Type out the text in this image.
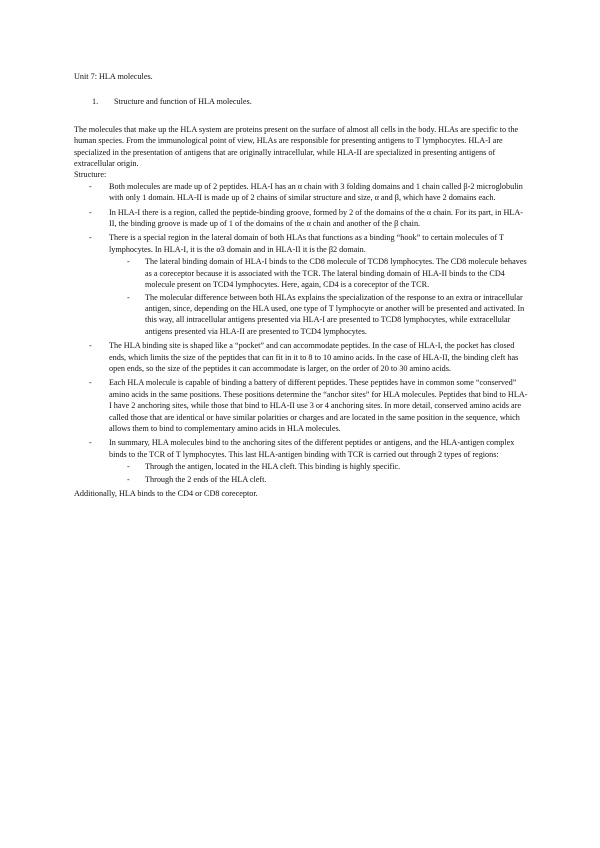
Unit 7: HLA molecules.

1.	Structure and function of HLA molecules.

The molecules that make up the HLA system are proteins present on the surface of almost all cells in the body. HLAs are specific to the human species. From the immunological point of view, HLAs are responsible for presenting antigens to T lymphocytes. HLA-I are specialized in the presentation of antigens that are originally intracellular, while HLA-II are specialized in presenting antigens of extracellular origin.

Structure:

- Both molecules are made up of 2 peptides. HLA-I has an α chain with 3 folding domains and 1 chain called β-2 microglobulin with only 1 domain. HLA-II is made up of 2 chains of similar structure and size, α and β, which have 2 domains each.
- In HLA-I there is a region, called the peptide-binding groove, formed by 2 of the domains of the α chain. For its part, in HLA-II, the binding groove is made up of 1 of the domains of the α chain and another of the β chain.
- There is a special region in the lateral domain of both HLAs that functions as a binding “hook” to certain molecules of T lymphocytes. In HLA-I, it is the α3 domain and in HLA-II it is the β2 domain.
- The lateral binding domain of HLA-I binds to the CD8 molecule of TCD8 lymphocytes. The CD8 molecule behaves as a coreceptor because it is associated with the TCR. The lateral binding domain of HLA-II binds to the CD4 molecule present on TCD4 lymphocytes. Here, again, CD4 is a coreceptor of the TCR.
- The molecular difference between both HLAs explains the specialization of the response to an extra or intracellular antigen, since, depending on the HLA used, one type of T lymphocyte or another will be presented and activated. In this way, all intracellular antigens presented via HLA-I are presented to TCD8 lymphocytes, while extracellular antigens presented via HLA-II are presented to TCD4 lymphocytes.
- The HLA binding site is shaped like a “pocket” and can accommodate peptides. In the case of HLA-I, the pocket has closed ends, which limits the size of the peptides that can fit in it to 8 to 10 amino acids. In the case of HLA-II, the binding cleft has open ends, so the size of the peptides it can accommodate is larger, on the order of 20 to 30 amino acids.
- Each HLA molecule is capable of binding a battery of different peptides. These peptides have in common some “conserved” amino acids in the same positions. These positions determine the “anchor sites” for HLA molecules. Peptides that bind to HLA-I have 2 anchoring sites, while those that bind to HLA-II use 3 or 4 anchoring sites. In more detail, conserved amino acids are called those that are identical or have similar polarities or charges and are located in the same position in the sequence, which allows them to bind to complementary amino acids in HLA molecules.
- In summary, HLA molecules bind to the anchoring sites of the different peptides or antigens, and the HLA-antigen complex binds to the TCR of T lymphocytes. This last HLA-antigen binding with TCR is carried out through 2 types of regions:
- Through the antigen, located in the HLA cleft. This binding is highly specific.
- Through the 2 ends of the HLA cleft.

Additionally, HLA binds to the CD4 or CD8 coreceptor.
